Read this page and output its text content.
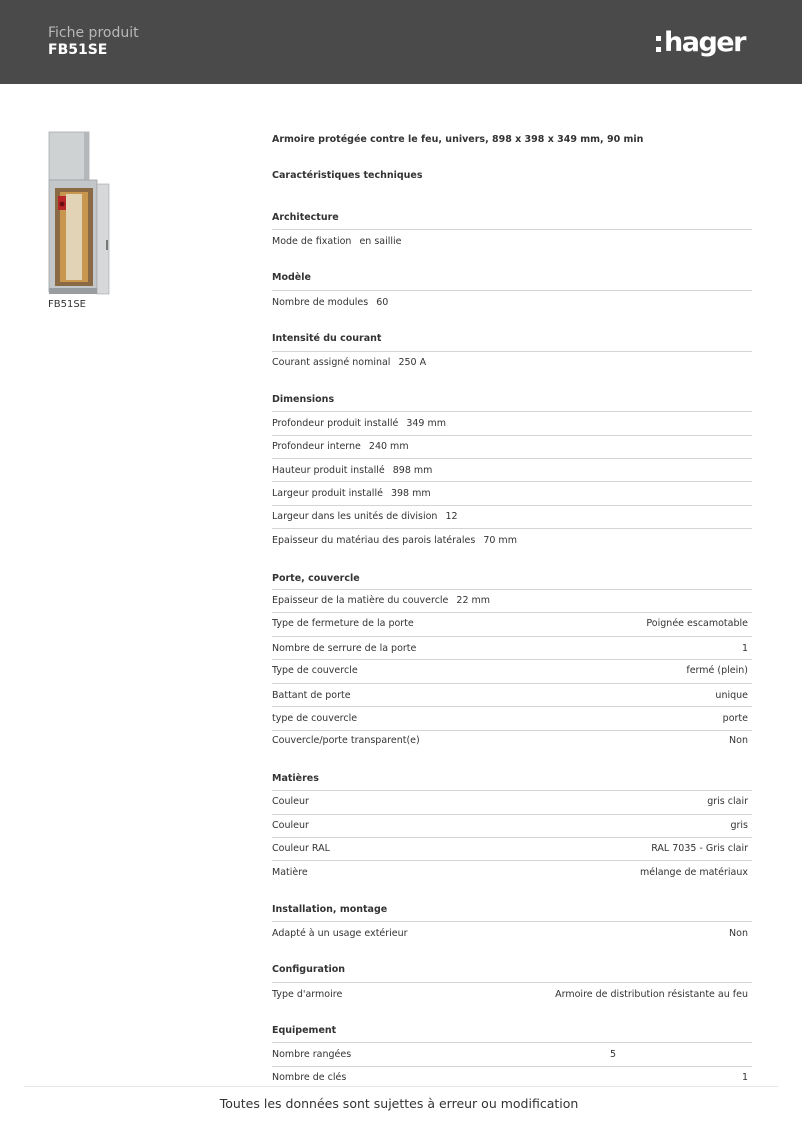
Fiche produit
FB51SE	hager
FB51SE
Armoire protégée contre le feu, univers, 898 x 398 x 349 mm, 90 min
Caractéristiques techniques
Architecture
Mode de fixation en saillie
Modèle
Nombre de modules 60
Intensité du courant
Courant assigné nominal 250 A
Dimensions
Profondeur produit installé 349 mm
Profondeur interne 240 mm
Hauteur produit installé 898 mm
Largeur produit installé 398 mm
Largeur dans les unités de division 12
Epaisseur du matériau des parois latérales 70 mm
Porte, couvercle
Epaisseur de la matière du couvercle 22 mm
Type de fermeture de la porte	Poignée escamotable
Nombre de serrure de la porte	1
Type de couvercle	fermé (plein)
Battant de porte	unique
type de couvercle	porte
Couvercle/porte transparent(e)	Non
Matières
Couleur	gris clair
Couleur	gris
Couleur RAL	RAL 7035 - Gris clair
Matière	mélange de matériaux
Installation, montage
Adapté à un usage extérieur	Non
Configuration
Type d'armoire	Armoire de distribution résistante au feu
Equipement
Nombre rangées	5
Nombre de clés	1
Toutes les données sont sujettes à erreur ou modification
